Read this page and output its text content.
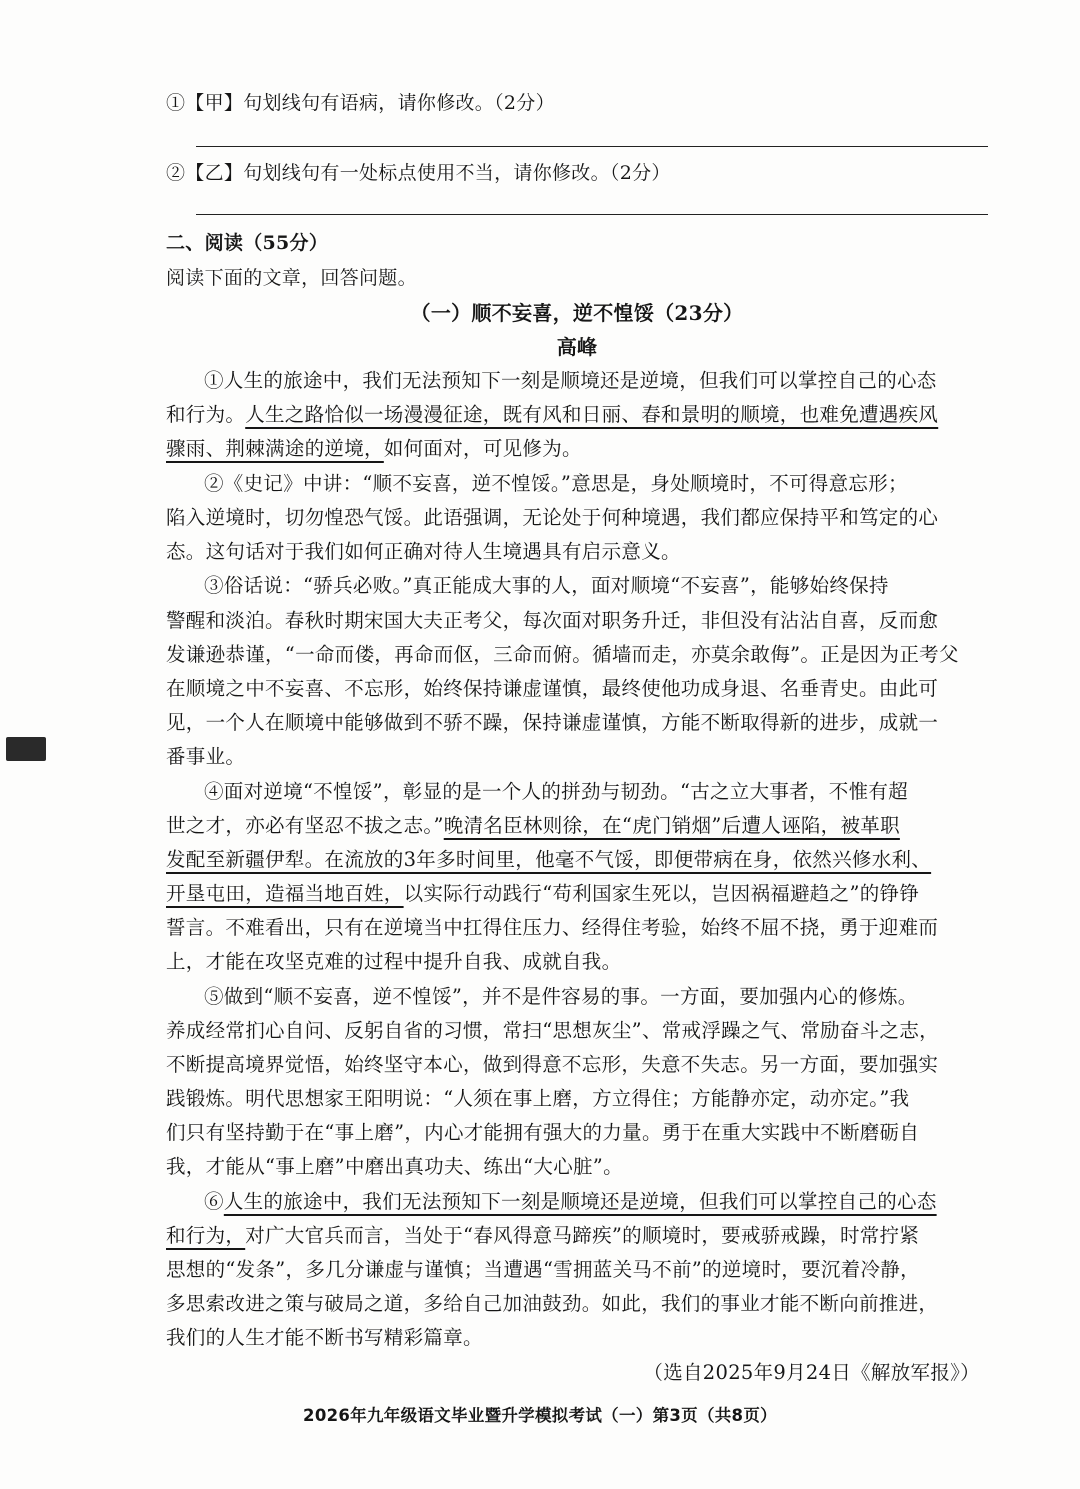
①【甲】句划线句有语病，请你修改。（2分）
②【乙】句划线句有一处标点使用不当，请你修改。（2分）
二、阅读（55分）
阅读下面的文章，回答问题。
（一）顺不妄喜，逆不惶馁（23分）
高峰
①人生的旅途中，我们无法预知下一刻是顺境还是逆境，但我们可以掌控自己的心态
和行为。人生之路恰似一场漫漫征途，既有风和日丽、春和景明的顺境，也难免遭遇疾风
骤雨、荆棘满途的逆境，如何面对，可见修为。
②《史记》中讲：“顺不妄喜，逆不惶馁。”意思是，身处顺境时，不可得意忘形；
陷入逆境时，切勿惶恐气馁。此语强调，无论处于何种境遇，我们都应保持平和笃定的心
态。这句话对于我们如何正确对待人生境遇具有启示意义。
③俗话说：“骄兵必败。”真正能成大事的人，面对顺境“不妄喜”，能够始终保持
警醒和淡泊。春秋时期宋国大夫正考父，每次面对职务升迁，非但没有沾沾自喜，反而愈
发谦逊恭谨，“一命而偻，再命而伛，三命而俯。循墙而走，亦莫余敢侮”。正是因为正考父
在顺境之中不妄喜、不忘形，始终保持谦虚谨慎，最终使他功成身退、名垂青史。由此可
见，一个人在顺境中能够做到不骄不躁，保持谦虚谨慎，方能不断取得新的进步，成就一
番事业。
④面对逆境“不惶馁”，彰显的是一个人的拼劲与韧劲。“古之立大事者，不惟有超
世之才，亦必有坚忍不拔之志。”晚清名臣林则徐，在“虎门销烟”后遭人诬陷，被革职
发配至新疆伊犁。在流放的3年多时间里，他毫不气馁，即便带病在身，依然兴修水利、
开垦屯田，造福当地百姓，以实际行动践行“苟利国家生死以，岂因祸福避趋之”的铮铮
誓言。不难看出，只有在逆境当中扛得住压力、经得住考验，始终不屈不挠，勇于迎难而
上，才能在攻坚克难的过程中提升自我、成就自我。
⑤做到“顺不妄喜，逆不惶馁”，并不是件容易的事。一方面，要加强内心的修炼。
养成经常扪心自问、反躬自省的习惯，常扫“思想灰尘”、常戒浮躁之气、常励奋斗之志，
不断提高境界觉悟，始终坚守本心，做到得意不忘形，失意不失志。另一方面，要加强实
践锻炼。明代思想家王阳明说：“人须在事上磨，方立得住；方能静亦定，动亦定。”我
们只有坚持勤于在“事上磨”，内心才能拥有强大的力量。勇于在重大实践中不断磨砺自
我，才能从“事上磨”中磨出真功夫、练出“大心脏”。
⑥人生的旅途中，我们无法预知下一刻是顺境还是逆境，但我们可以掌控自己的心态
和行为，对广大官兵而言，当处于“春风得意马蹄疾”的顺境时，要戒骄戒躁，时常拧紧
思想的“发条”，多几分谦虚与谨慎；当遭遇“雪拥蓝关马不前”的逆境时，要沉着冷静，
多思索改进之策与破局之道，多给自己加油鼓劲。如此，我们的事业才能不断向前推进，
我们的人生才能不断书写精彩篇章。
（选自2025年9月24日《解放军报》）
2026年九年级语文毕业暨升学模拟考试（一）第3页（共8页）
